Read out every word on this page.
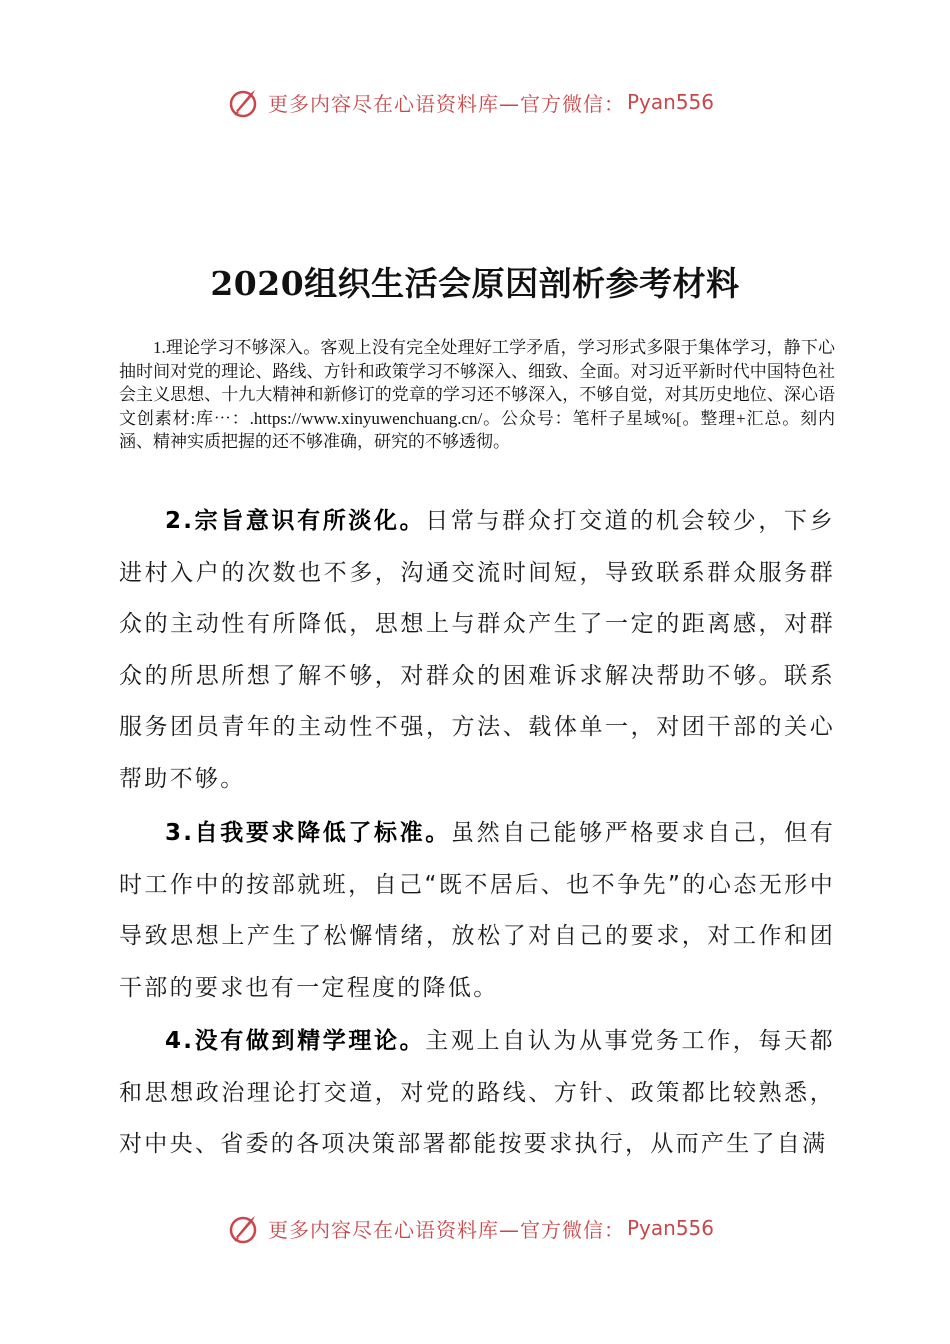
更多内容尽在心语资料库—官方微信： Pyan556
2020组织生活会原因剖析参考材料
1.理论学习不够深入。客观上没有完全处理好工学矛盾，学习形式多限于集体学习，静下心抽时间对党的理论、路线、方针和政策学习不够深入、细致、全面。对习近平新时代中国特色社会主义思想、十九大精神和新修订的党章的学习还不够深入，不够自觉，对其历史地位、深心语文创素材:库⋯：.https://www.xinyuwenchuang.cn/。公众号：笔杆子星域%[。整理+汇总。刻内涵、精神实质把握的还不够准确，研究的不够透彻。
2.宗旨意识有所淡化。日常与群众打交道的机会较少，下乡进村入户的次数也不多，沟通交流时间短，导致联系群众服务群众的主动性有所降低，思想上与群众产生了一定的距离感，对群众的所思所想了解不够，对群众的困难诉求解决帮助不够。联系服务团员青年的主动性不强，方法、载体单一，对团干部的关心帮助不够。
3.自我要求降低了标准。虽然自己能够严格要求自己，但有时工作中的按部就班，自己“既不居后、也不争先”的心态无形中导致思想上产生了松懈情绪，放松了对自己的要求，对工作和团干部的要求也有一定程度的降低。
4.没有做到精学理论。主观上自认为从事党务工作，每天都和思想政治理论打交道，对党的路线、方针、政策都比较熟悉，对中央、省委的各项决策部署都能按要求执行，从而产生了自满
更多内容尽在心语资料库—官方微信： Pyan556
